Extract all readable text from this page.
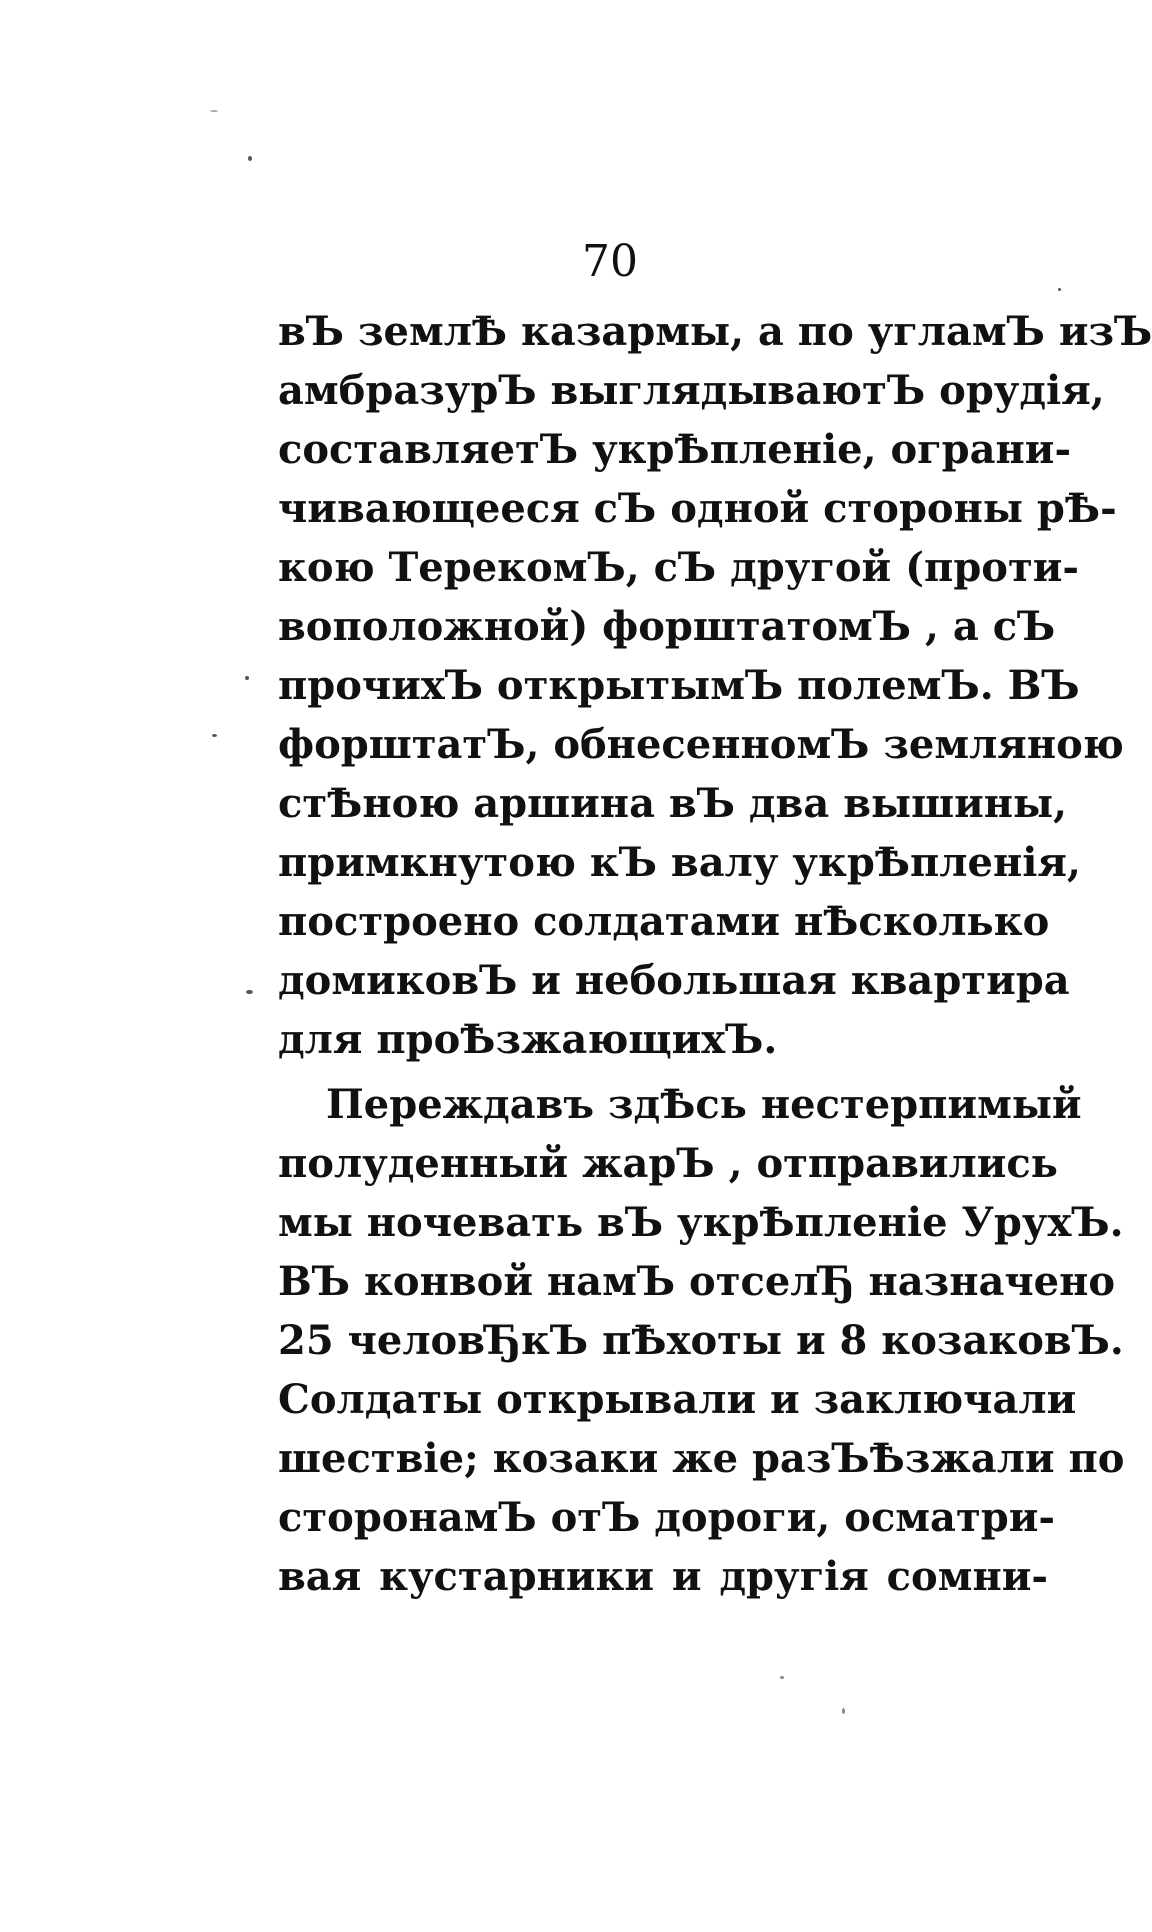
70
вЪ землѢ казармы, а по угламЪ изЪ
амбразурЪ выглядываютЪ орудія,
составляетЪ укрѢпленіе, ограни-
чивающееся сЪ одной стороны рѢ-
кою ТерекомЪ, сЪ другой (проти-
воположной) форштатомЪ , а сЪ
прочихЪ открытымЪ полемЪ. ВЪ
форштатЪ, обнесенномЪ земляною
стѢною аршина вЪ два вышины,
примкнутою кЪ валу укрѢпленія,
построено солдатами нѢсколько
домиковЪ и небольшая квартира
для проѢзжающихЪ.
Переждавъ здѢсь нестерпимый
полуденный жарЪ , отправились
мы ночевать вЪ укрѢпленіе УрухЪ.
ВЪ конвой намЪ отселЂ назначено
25 человЂкЪ пѢхоты и 8 козаковЪ.
Солдаты открывали и заключали
шествіе; козаки же разЪѢзжали по
сторонамЪ отЪ дороги, осматри-
вая кустарники и другія сомни-
